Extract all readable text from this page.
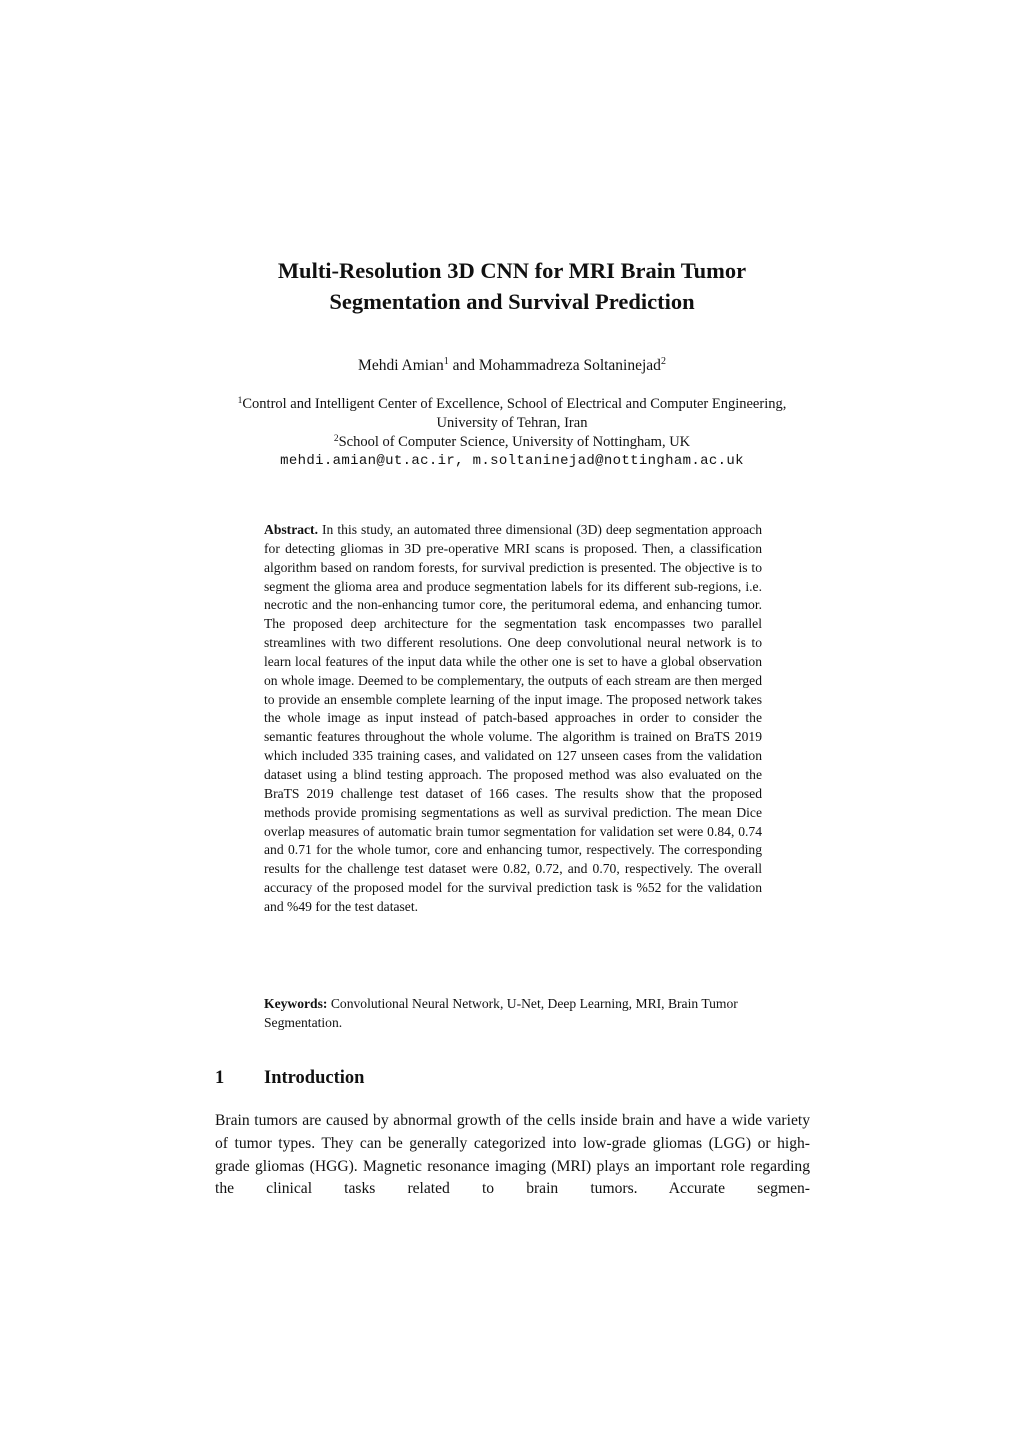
Multi-Resolution 3D CNN for MRI Brain Tumor
Segmentation and Survival Prediction
Mehdi Amian$^1$ and Mohammadreza Soltaninejad$^2$
$^1$Control and Intelligent Center of Excellence, School of Electrical and Computer Engineering,
University of Tehran, Iran
$^2$School of Computer Science, University of Nottingham, UK
mehdi.amian@ut.ac.ir, m.soltaninejad@nottingham.ac.uk

Abstract. In this study, an automated three dimensional (3D) deep segmentation approach for detecting gliomas in 3D pre-operative MRI scans is proposed. Then, a classification algorithm based on random forests, for survival prediction is presented. The objective is to segment the glioma area and produce segmentation labels for its different sub-regions, i.e. necrotic and the non-enhancing tumor core, the peritumoral edema, and enhancing tumor. The proposed deep architecture for the segmentation task encompasses two parallel streamlines with two different resolutions. One deep convolutional neural network is to learn local features of the input data while the other one is set to have a global observation on whole image. Deemed to be complementary, the outputs of each stream are then merged to provide an ensemble complete learning of the input image. The proposed network takes the whole image as input instead of patch-based approaches in order to consider the semantic features throughout the whole volume. The algorithm is trained on BraTS 2019 which included 335 training cases, and validated on 127 unseen cases from the validation dataset using a blind testing approach. The proposed method was also evaluated on the BraTS 2019 challenge test dataset of 166 cases. The results show that the proposed methods provide promising segmentations as well as survival prediction. The mean Dice overlap measures of automatic brain tumor segmentation for validation set were 0.84, 0.74 and 0.71 for the whole tumor, core and enhancing tumor, respectively. The corresponding results for the challenge test dataset were 0.82, 0.72, and 0.70, respectively. The overall accuracy of the proposed model for the survival prediction task is %52 for the validation and %49 for the test dataset.

Keywords: Convolutional Neural Network, U-Net, Deep Learning, MRI, Brain Tumor Segmentation.

1 Introduction

Brain tumors are caused by abnormal growth of the cells inside brain and have a wide variety of tumor types. They can be generally categorized into low-grade gliomas (LGG) or high-grade gliomas (HGG). Magnetic resonance imaging (MRI) plays an important role regarding the clinical tasks related to brain tumors. Accurate segmen-
